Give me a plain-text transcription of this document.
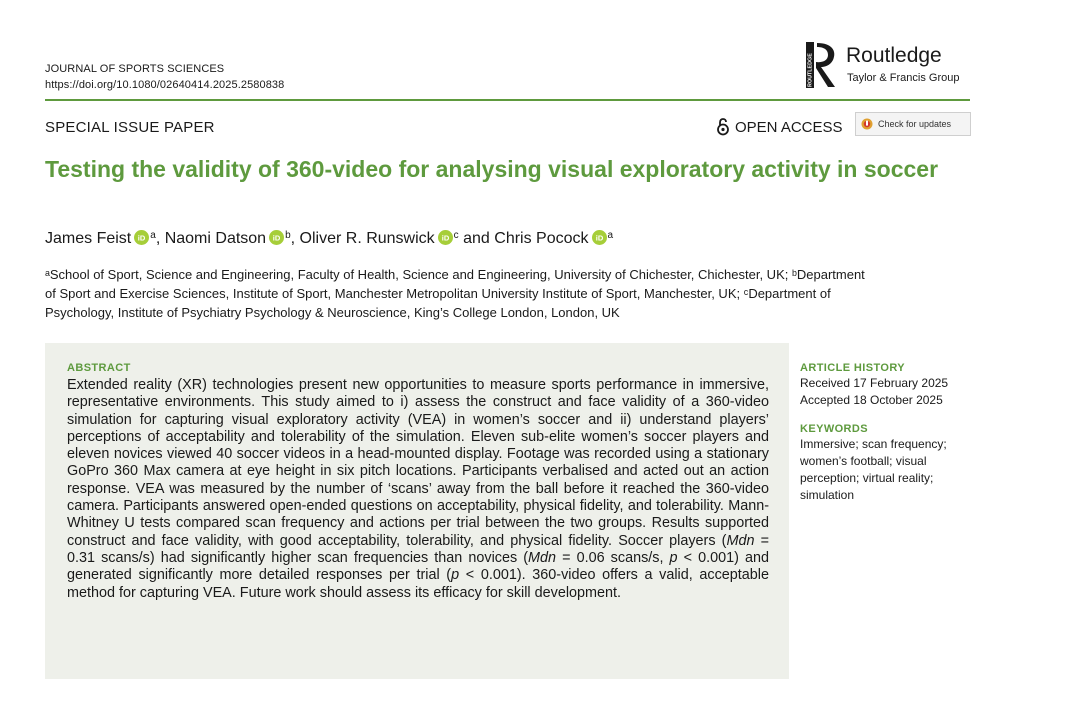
JOURNAL OF SPORTS SCIENCES
https://doi.org/10.1080/02640414.2025.2580838	ROUTLEDGE Routledge
Taylor & Francis Group
SPECIAL ISSUE PAPER	OPEN ACCESS	Check for updates
Testing the validity of 360-video for analysing visual exploratory activity in soccer
James Feist iD $^a$, Naomi Datson iD $^b$, Oliver R. Runswick iD $^c$ and Chris Pocock iD $^a$

ᵃSchool of Sport, Science and Engineering, Faculty of Health, Science and Engineering, University of Chichester, Chichester, UK; ᵇDepartment

of Sport and Exercise Sciences, Institute of Sport, Manchester Metropolitan University Institute of Sport, Manchester, UK; ᶜDepartment of

Psychology, Institute of Psychiatry Psychology & Neuroscience, King’s College London, London, UK

ABSTRACT

Extended reality (XR) technologies present new opportunities to measure sports performance in immersive, representative environments. This study aimed to i) assess the construct and face validity of a 360-video simulation for capturing visual exploratory activity (VEA) in women’s soccer and ii) understand players’ perceptions of acceptability and tolerability of the simulation. Eleven sub-elite women’s soccer players and eleven novices viewed 40 soccer videos in a head-mounted display. Footage was recorded using a stationary GoPro 360 Max camera at eye height in six pitch locations. Participants verbalised and acted out an action response. VEA was measured by the number of ‘scans’ away from the ball before it reached the 360-video camera. Participants answered open-ended questions on acceptability, physical fidelity, and tolerability. Mann-Whitney U tests compared scan frequency and actions per trial between the two groups. Results supported construct and face validity, with good acceptability, tolerability, and physical fidelity. Soccer players (Mdn = 0.31 scans/s) had significantly higher scan frequencies than novices (Mdn = 0.06 scans/s, p < 0.001) and generated significantly more detailed responses per trial (p < 0.001). 360-video offers a valid, acceptable method for capturing VEA. Future work should assess its efficacy for skill development.

ARTICLE HISTORY
Received 17 February 2025
Accepted 18 October 2025
KEYWORDS
Immersive; scan frequency; women’s football; visual perception; virtual reality; simulation
